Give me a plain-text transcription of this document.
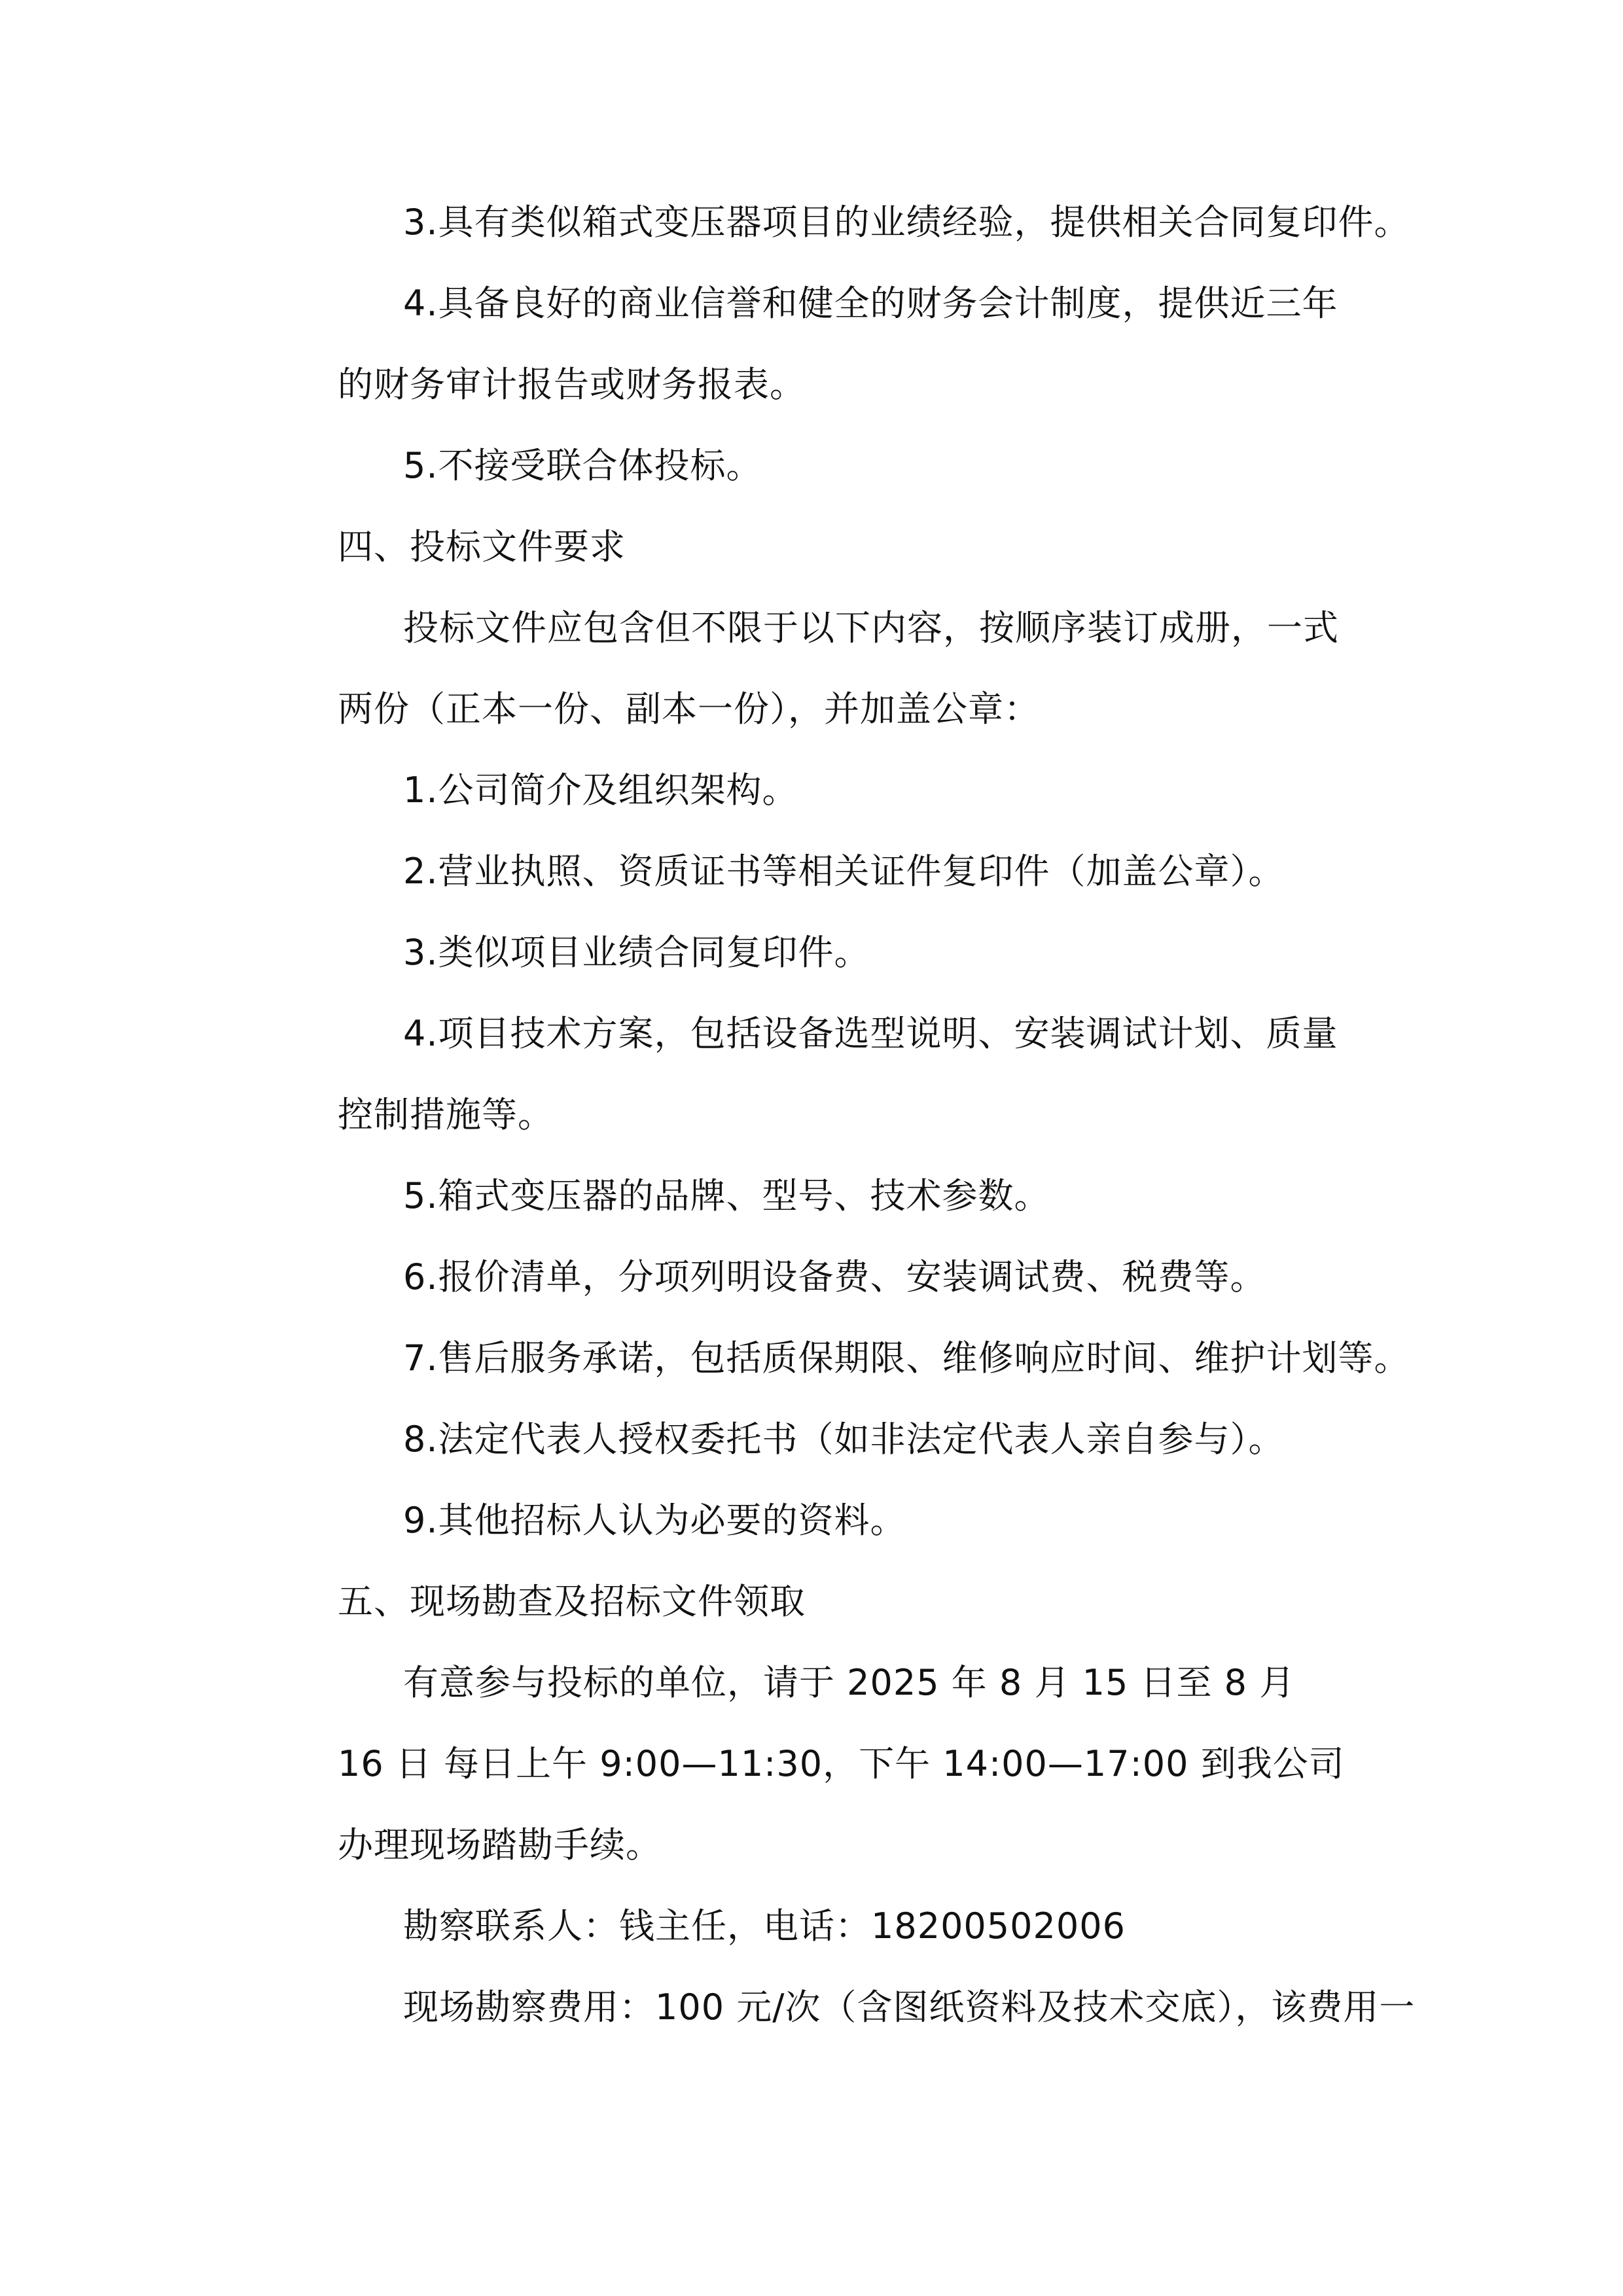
3.具有类似箱式变压器项目的业绩经验，提供相关合同复印件。

4.具备良好的商业信誉和健全的财务会计制度，提供近三年的财务审计报告或财务报表。

5.不接受联合体投标。

四、投标文件要求

投标文件应包含但不限于以下内容，按顺序装订成册，一式两份（正本一份、副本一份），并加盖公章：

1.公司简介及组织架构。

2.营业执照、资质证书等相关证件复印件（加盖公章）。

3.类似项目业绩合同复印件。

4.项目技术方案，包括设备选型说明、安装调试计划、质量控制措施等。

5.箱式变压器的品牌、型号、技术参数。

6.报价清单，分项列明设备费、安装调试费、税费等。

7.售后服务承诺，包括质保期限、维修响应时间、维护计划等。

8.法定代表人授权委托书（如非法定代表人亲自参与）。

9.其他招标人认为必要的资料。

五、现场勘查及招标文件领取

有意参与投标的单位，请于 2025 年 8 月 15 日至 8 月 16 日 每日上午 9:00—11:30，下午 14:00—17:00 到我公司办理现场踏勘手续。

勘察联系人：钱主任，电话：18200502006

现场勘察费用：100 元/次（含图纸资料及技术交底），该费用一
